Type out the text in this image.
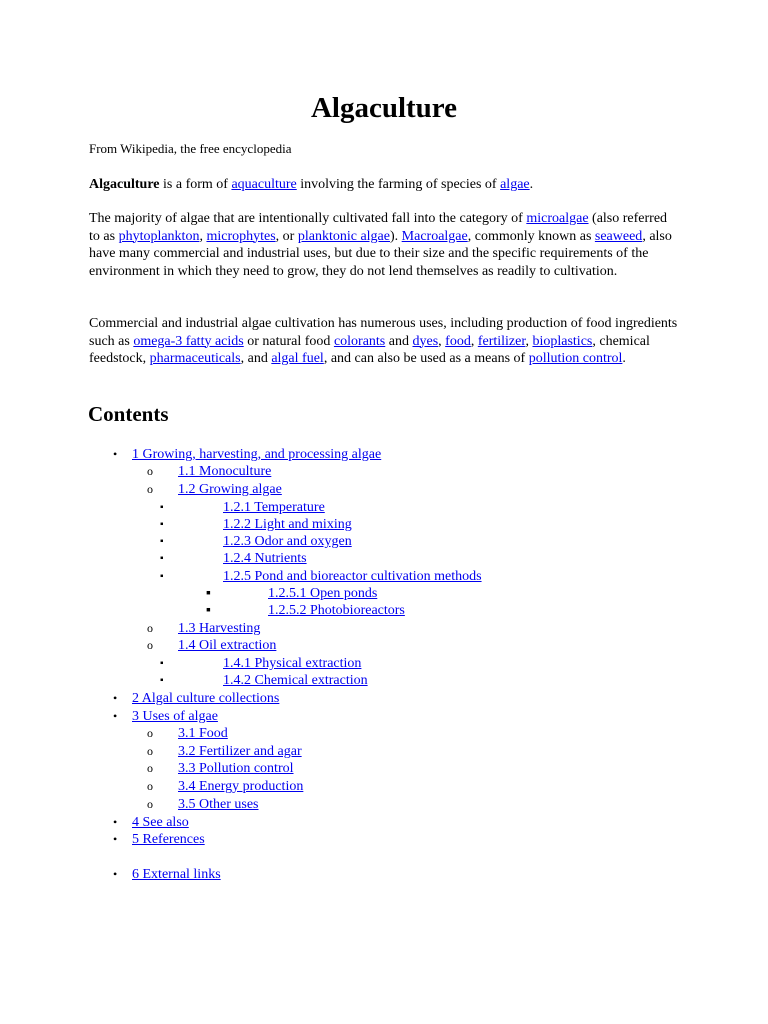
Algaculture

From Wikipedia, the free encyclopedia

Algaculture is a form of aquaculture involving the farming of species of algae.

The majority of algae that are intentionally cultivated fall into the category of microalgae (also referred to as phytoplankton, microphytes, or planktonic algae). Macroalgae, commonly known as seaweed, also have many commercial and industrial uses, but due to their size and the specific requirements of the environment in which they need to grow, they do not lend themselves as readily to cultivation.

Commercial and industrial algae cultivation has numerous uses, including production of food ingredients such as omega-3 fatty acids or natural food colorants and dyes, food, fertilizer, bioplastics, chemical feedstock, pharmaceuticals, and algal fuel, and can also be used as a means of pollution control.

Contents
• 1 Growing, harvesting, and processing algae
o 1.1 Monoculture
o 1.2 Growing algae
▪	1.2.1 Temperature
▪	1.2.2 Light and mixing
▪	1.2.3 Odor and oxygen
▪	1.2.4 Nutrients
▪	1.2.5 Pond and bioreactor cultivation methods
▪	1.2.5.1 Open ponds
▪	1.2.5.2 Photobioreactors
o 1.3 Harvesting
o 1.4 Oil extraction
▪	1.4.1 Physical extraction
▪	1.4.2 Chemical extraction
• 2 Algal culture collections
• 3 Uses of algae
o 3.1 Food
o 3.2 Fertilizer and agar
o 3.3 Pollution control
o 3.4 Energy production
o 3.5 Other uses
• 4 See also
• 5 References
• 6 External links
